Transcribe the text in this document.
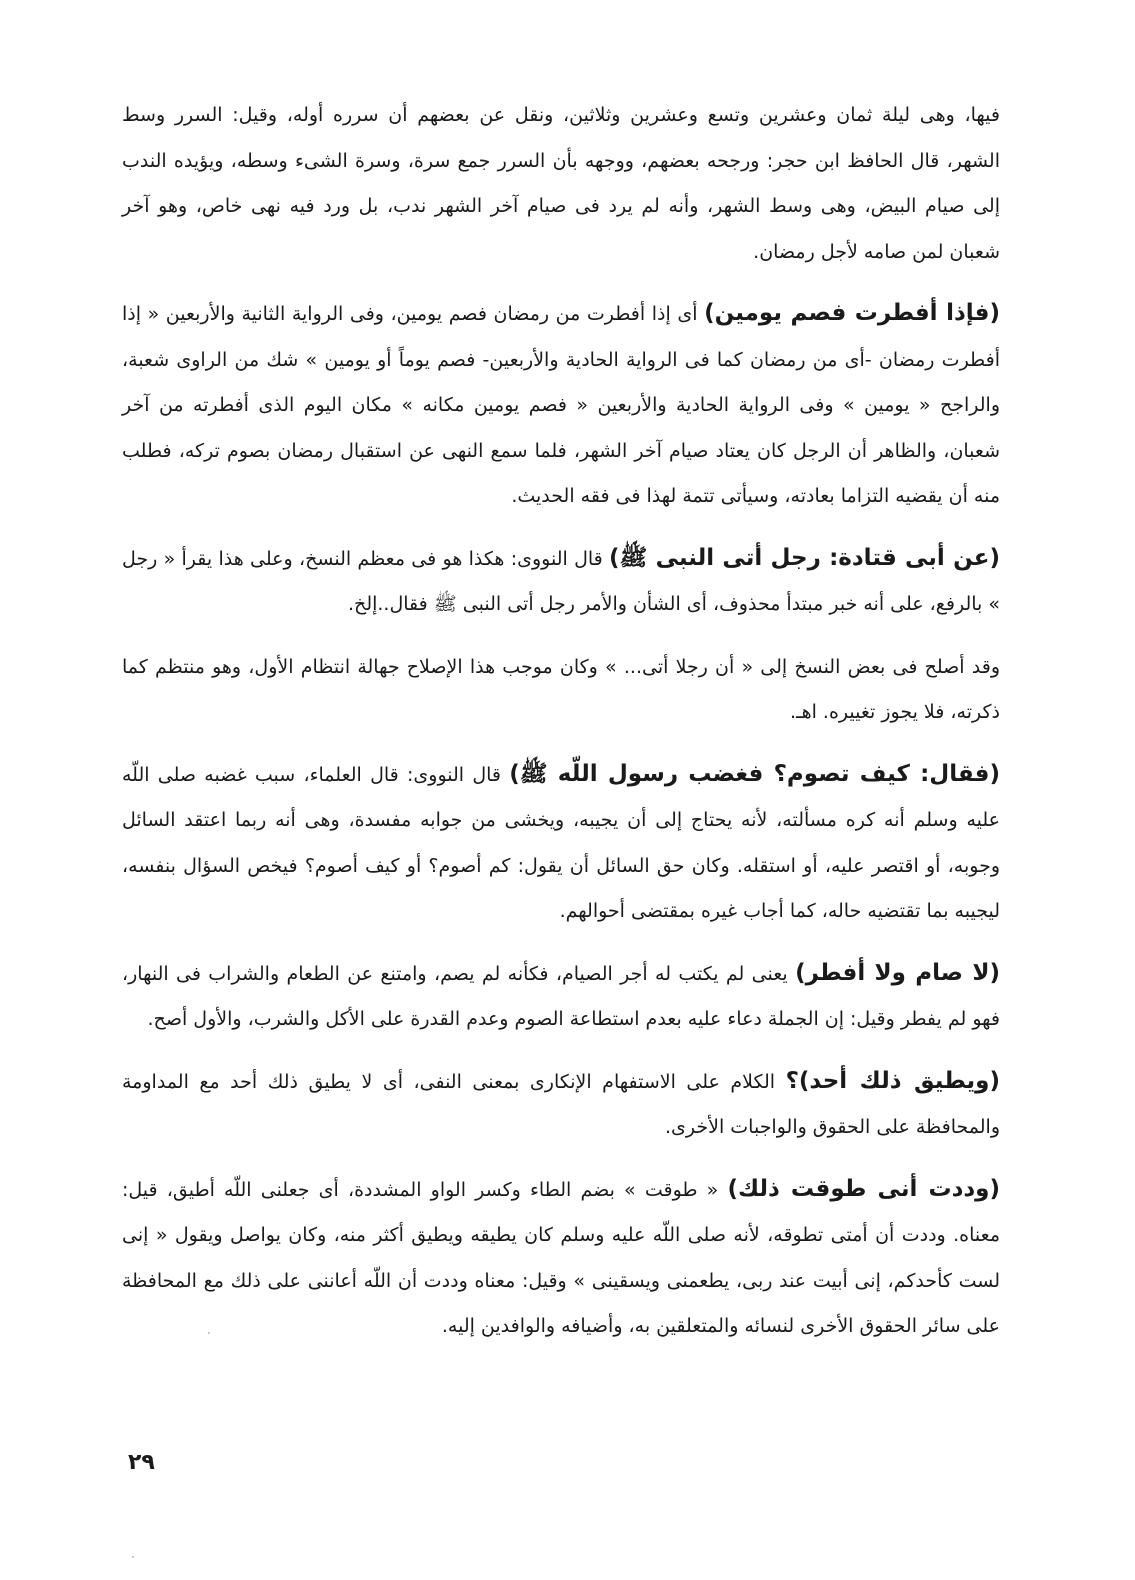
فيها، وهى ليلة ثمان وعشرين وتسع وعشرين وثلاثين، ونقل عن بعضهم أن سرره أوله، وقيل: السرر وسط الشهر، قال الحافظ ابن حجر: ورجحه بعضهم، ووجهه بأن السرر جمع سرة، وسرة الشىء وسطه، ويؤيده الندب إلى صيام البيض، وهى وسط الشهر، وأنه لم يرد فى صيام آخر الشهر ندب، بل ورد فيه نهى خاص، وهو آخر شعبان لمن صامه لأجل رمضان.

(فإذا أفطرت فصم يومين) أى إذا أفطرت من رمضان فصم يومين، وفى الرواية الثانية والأربعين « إذا أفطرت رمضان -أى من رمضان كما فى الرواية الحادية والأربعين- فصم يوماً أو يومين » شك من الراوى شعبة، والراجح « يومين » وفى الرواية الحادية والأربعين « فصم يومين مكانه » مكان اليوم الذى أفطرته من آخر شعبان، والظاهر أن الرجل كان يعتاد صيام آخر الشهر، فلما سمع النهى عن استقبال رمضان بصوم تركه، فطلب منه أن يقضيه التزاما بعادته، وسيأتى تتمة لهذا فى فقه الحديث.

(عن أبى قتادة: رجل أتى النبى ﷺ) قال النووى: هكذا هو فى معظم النسخ، وعلى هذا يقرأ « رجل » بالرفع، على أنه خبر مبتدأ محذوف، أى الشأن والأمر رجل أتى النبى ﷺ فقال..إلخ.

وقد أصلح فى بعض النسخ إلى « أن رجلا أتى... » وكان موجب هذا الإصلاح جهالة انتظام الأول، وهو منتظم كما ذكرته، فلا يجوز تغييره. اهـ.

(فقال: كيف تصوم؟ فغضب رسول اللّه ﷺ) قال النووى: قال العلماء، سبب غضبه صلى اللّه عليه وسلم أنه كره مسألته، لأنه يحتاج إلى أن يجيبه، ويخشى من جوابه مفسدة، وهى أنه ربما اعتقد السائل وجوبه، أو اقتصر عليه، أو استقله. وكان حق السائل أن يقول: كم أصوم؟ أو كيف أصوم؟ فيخص السؤال بنفسه، ليجيبه بما تقتضيه حاله، كما أجاب غيره بمقتضى أحوالهم.

(لا صام ولا أفطر) يعنى لم يكتب له أجر الصيام، فكأنه لم يصم، وامتنع عن الطعام والشراب فى النهار، فهو لم يفطر وقيل: إن الجملة دعاء عليه بعدم استطاعة الصوم وعدم القدرة على الأكل والشرب، والأول أصح.

(ويطيق ذلك أحد)؟ الكلام على الاستفهام الإنكارى بمعنى النفى، أى لا يطيق ذلك أحد مع المداومة والمحافظة على الحقوق والواجبات الأخرى.

(وددت أنى طوقت ذلك) « طوقت » بضم الطاء وكسر الواو المشددة، أى جعلنى اللّه أطيق، قيل: معناه. وددت أن أمتى تطوقه، لأنه صلى اللّه عليه وسلم كان يطيقه ويطيق أكثر منه، وكان يواصل ويقول « إنى لست كأحدكم، إنى أبيت عند ربى، يطعمنى ويسقينى » وقيل: معناه وددت أن اللّه أعاننى على ذلك مع المحافظة على سائر الحقوق الأخرى لنسائه والمتعلقين به، وأضيافه والوافدين إليه.

٢٩
